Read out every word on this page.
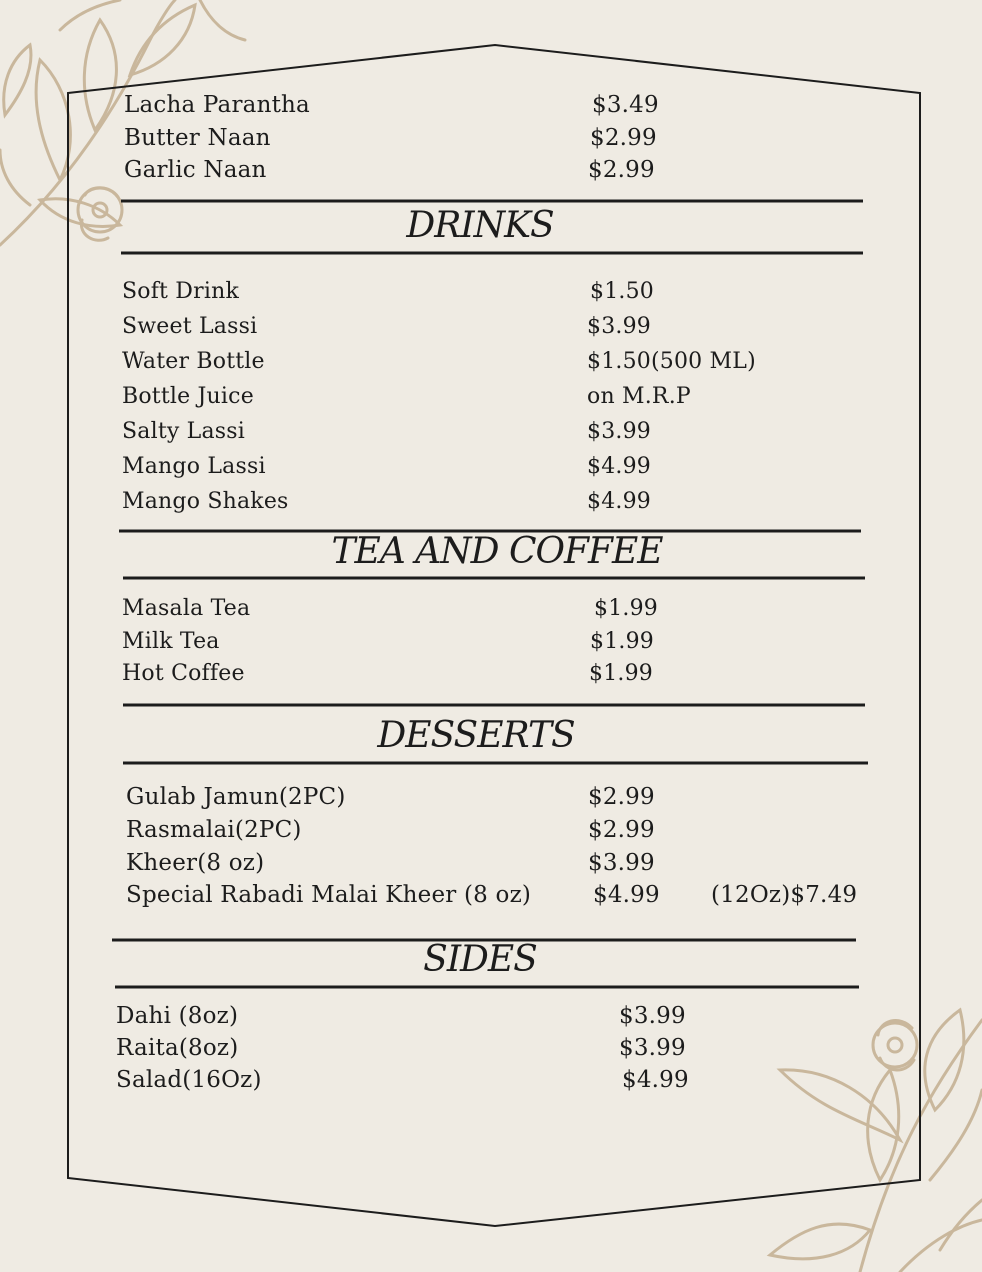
Lacha Parantha	$3.49
Butter Naan	$2.99
Garlic Naan	$2.99
DRINKS
Soft Drink	$1.50
Sweet Lassi	$3.99
Water Bottle	$1.50(500 ML)
Bottle Juice	on M.R.P
Salty Lassi	$3.99
Mango Lassi	$4.99
Mango Shakes	$4.99
TEA AND COFFEE
Masala Tea	$1.99
Milk Tea	$1.99
Hot Coffee	$1.99
DESSERTS
Gulab Jamun(2PC)	$2.99
Rasmalai(2PC)	$2.99
Kheer(8 oz)	$3.99
Special Rabadi Malai Kheer (8 oz)	$4.99 (12Oz)$7.49
SIDES
Dahi (8oz)	$3.99
Raita(8oz)	$3.99
Salad(16Oz)	$4.99
